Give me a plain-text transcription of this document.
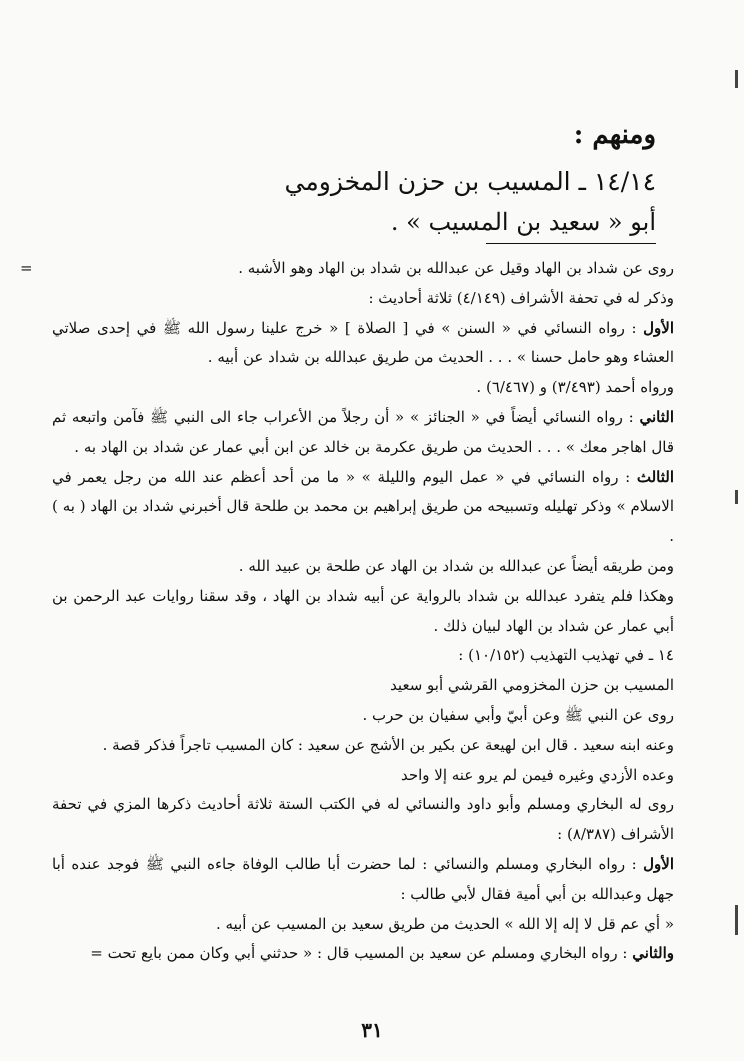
ومنهم :

١٤/١٤ ـ المسيب بن حزن المخزومي

أبو « سعيد بن المسيب » .

=	روى عن شداد بن الهاد وقيل عن عبدالله بن شداد بن الهاد وهو الأشبه .

وذكر له في تحفة الأشراف (٤/١٤٩) ثلاثة أحاديث :

الأول : رواه النسائي في « السنن » في [ الصلاة ] « خرج علينا رسول الله ﷺ في إحدى صلاتي العشاء وهو حامل حسنا » . . . الحديث من طريق عبدالله بن شداد عن أبيه .

ورواه أحمد (٣/٤٩٣) و (٦/٤٦٧) .

الثاني : رواه النسائي أيضاً في « الجنائز » « أن رجلاً من الأعراب جاء الى النبي ﷺ فآمن واتبعه ثم قال اهاجر معك » . . . الحديث من طريق عكرمة بن خالد عن ابن أبي عمار عن شداد بن الهاد به .

الثالث : رواه النسائي في « عمل اليوم والليلة » « ما من أحد أعظم عند الله من رجل يعمر في الاسلام » وذكر تهليله وتسبيحه من طريق إبراهيم بن محمد بن طلحة قال أخبرني شداد بن الهاد ( به ) .

ومن طريقه أيضاً عن عبدالله بن شداد بن الهاد عن طلحة بن عبيد الله .

وهكذا فلم يتفرد عبدالله بن شداد بالرواية عن أبيه شداد بن الهاد ، وقد سقنا روايات عبد الرحمن بن أبي عمار عن شداد بن الهاد لبيان ذلك .

١٤ ـ في تهذيب التهذيب (١٠/١٥٢) :

المسيب بن حزن المخزومي القرشي أبو سعيد

روى عن النبي ﷺ وعن أبيّ وأبي سفيان بن حرب .

وعنه ابنه سعيد . قال ابن لهيعة عن بكير بن الأشج عن سعيد : كان المسيب تاجراً فذكر قصة .

وعده الأزدي وغيره فيمن لم يرو عنه إلا واحد

روى له البخاري ومسلم وأبو داود والنسائي له في الكتب الستة ثلاثة أحاديث ذكرها المزي في تحفة الأشراف (٨/٣٨٧) :

الأول : رواه البخاري ومسلم والنسائي : لما حضرت أبا طالب الوفاة جاءه النبي ﷺ فوجد عنده أبا جهل وعبدالله بن أبي أمية فقال لأبي طالب :

« أي عم قل لا إله إلا الله » الحديث من طريق سعيد بن المسيب عن أبيه .

والثاني : رواه البخاري ومسلم عن سعيد بن المسيب قال : « حدثني أبي وكان ممن بايع تحت =

٣١
